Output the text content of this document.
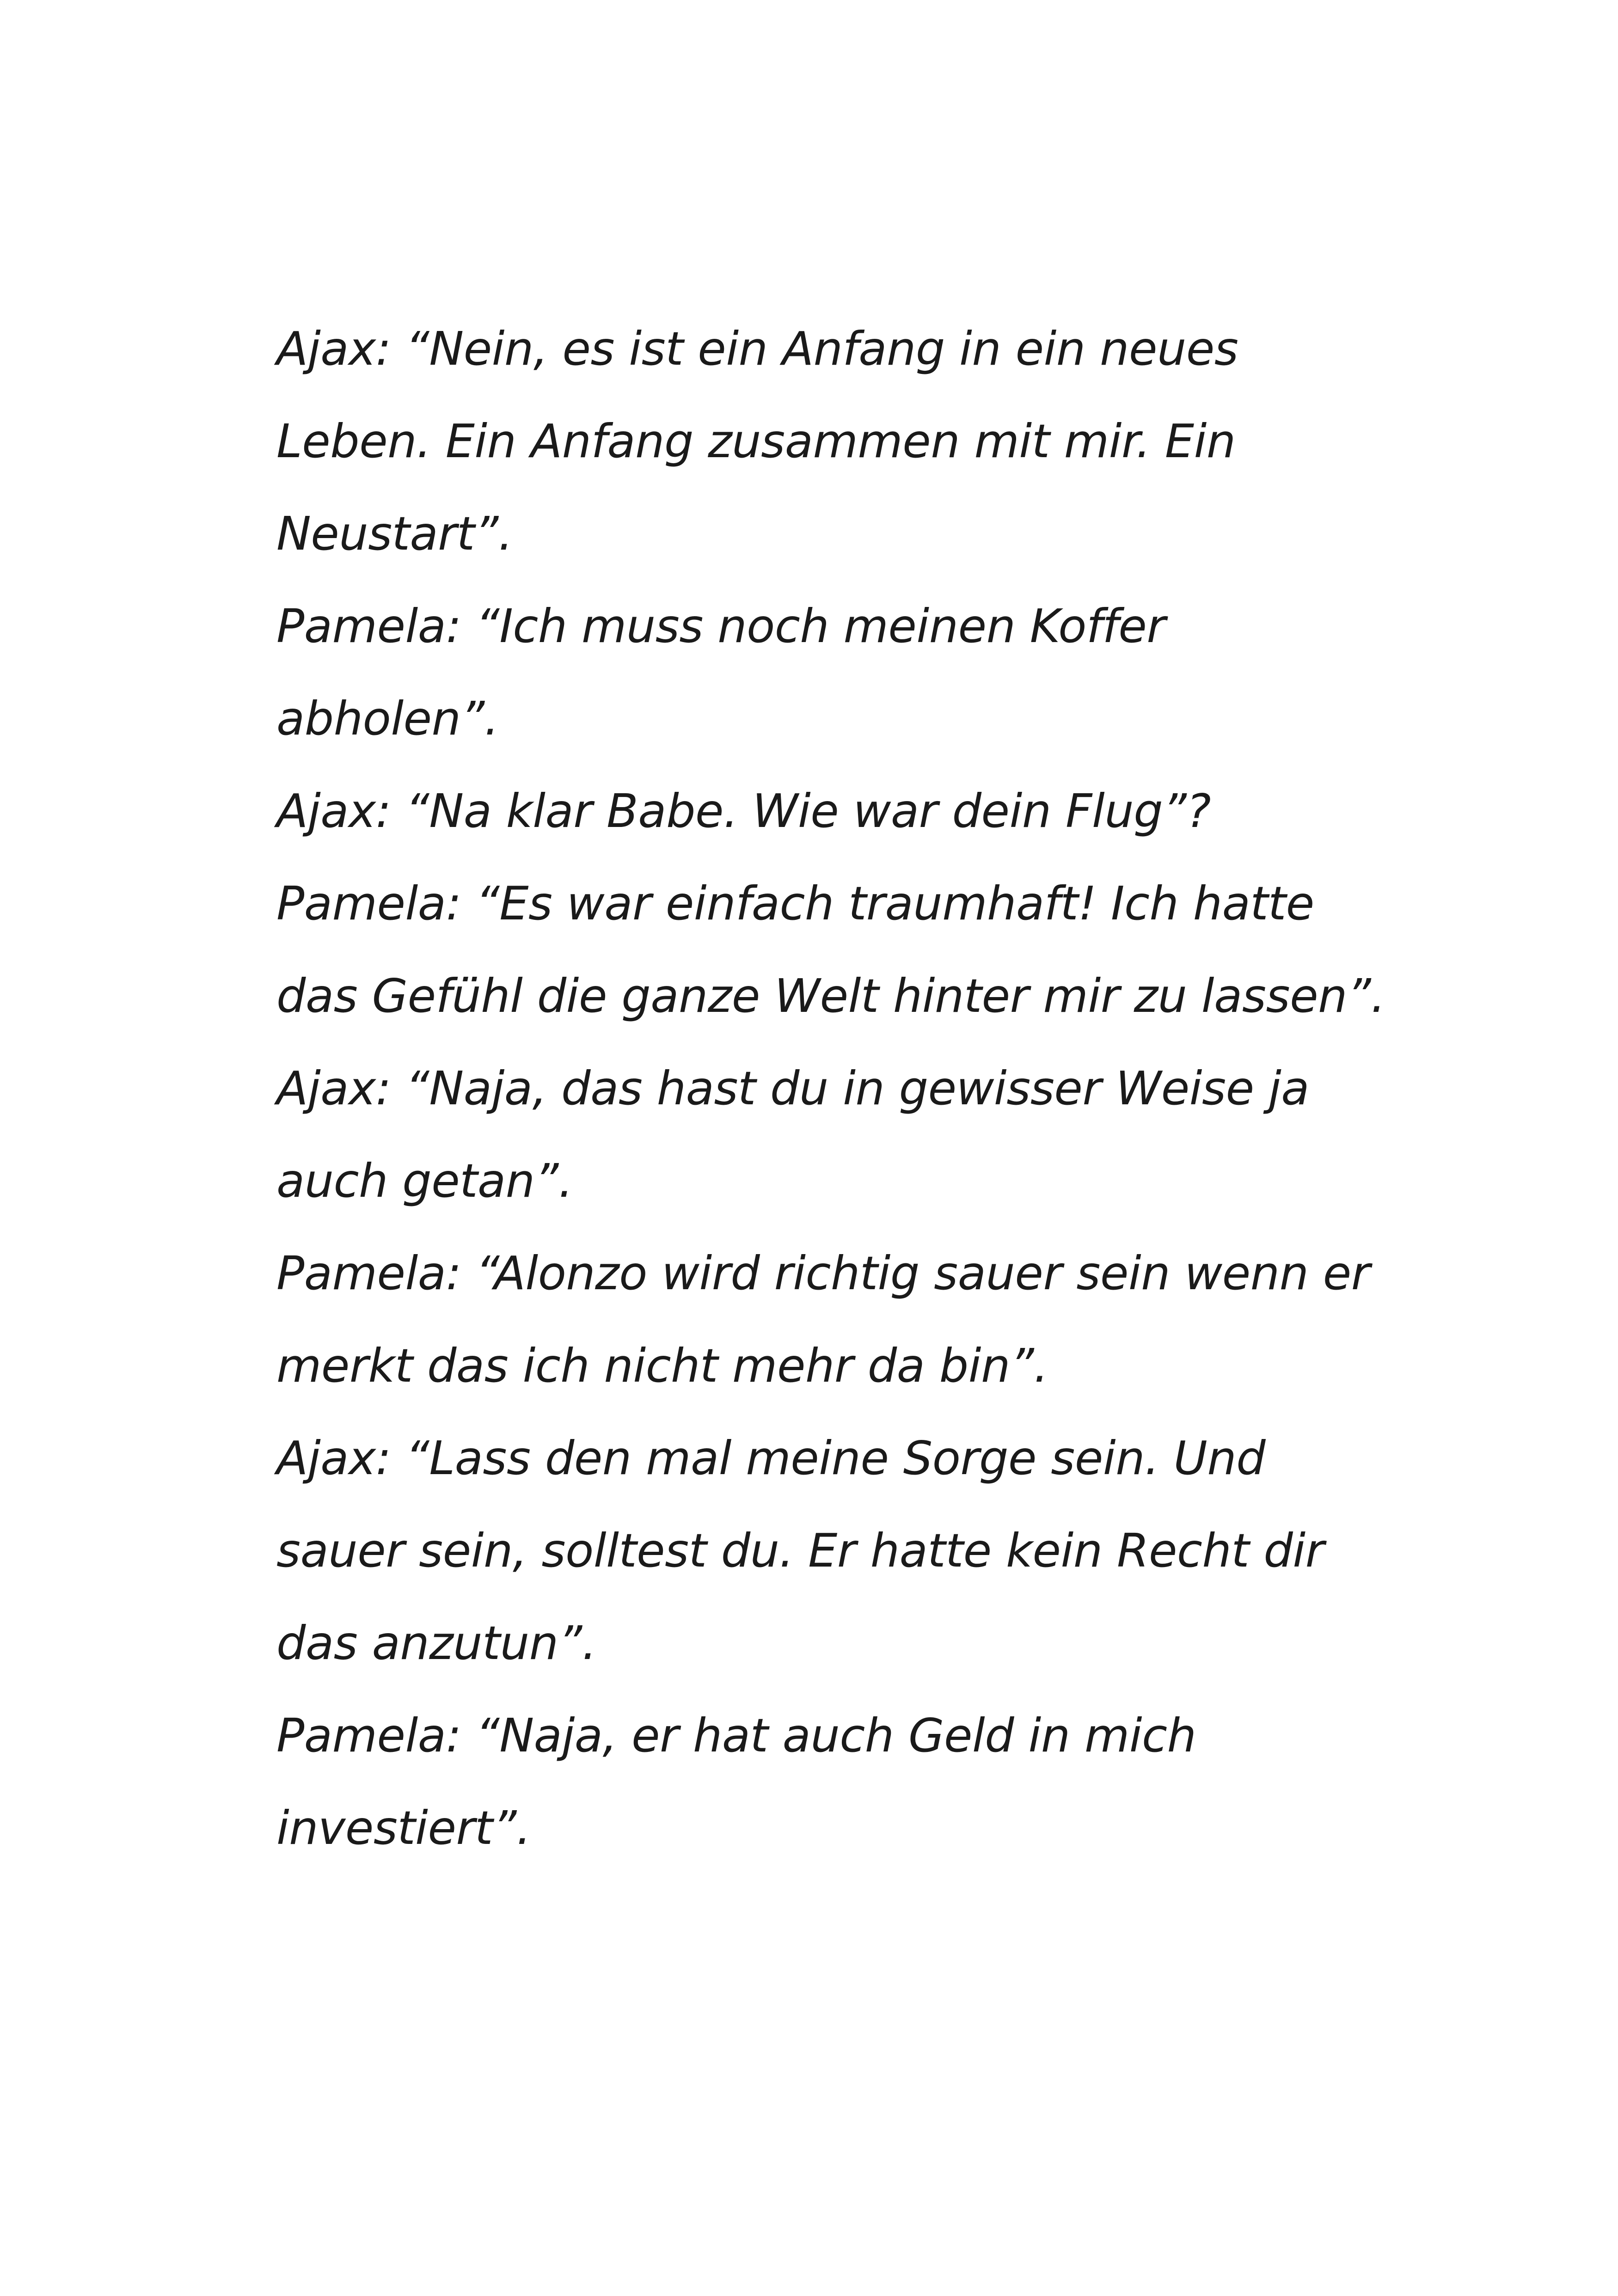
Ajax: “Nein, es ist ein Anfang in ein neues
Leben. Ein Anfang zusammen mit mir. Ein
Neustart”.
Pamela: “Ich muss noch meinen Koffer
abholen”.
Ajax: “Na klar Babe. Wie war dein Flug”?
Pamela: “Es war einfach traumhaft! Ich hatte
das Gefühl die ganze Welt hinter mir zu lassen”.
Ajax: “Naja, das hast du in gewisser Weise ja
auch getan”.
Pamela: “Alonzo wird richtig sauer sein wenn er
merkt das ich nicht mehr da bin”.
Ajax: “Lass den mal meine Sorge sein. Und
sauer sein, solltest du. Er hatte kein Recht dir
das anzutun”.
Pamela: “Naja, er hat auch Geld in mich
investiert”.
